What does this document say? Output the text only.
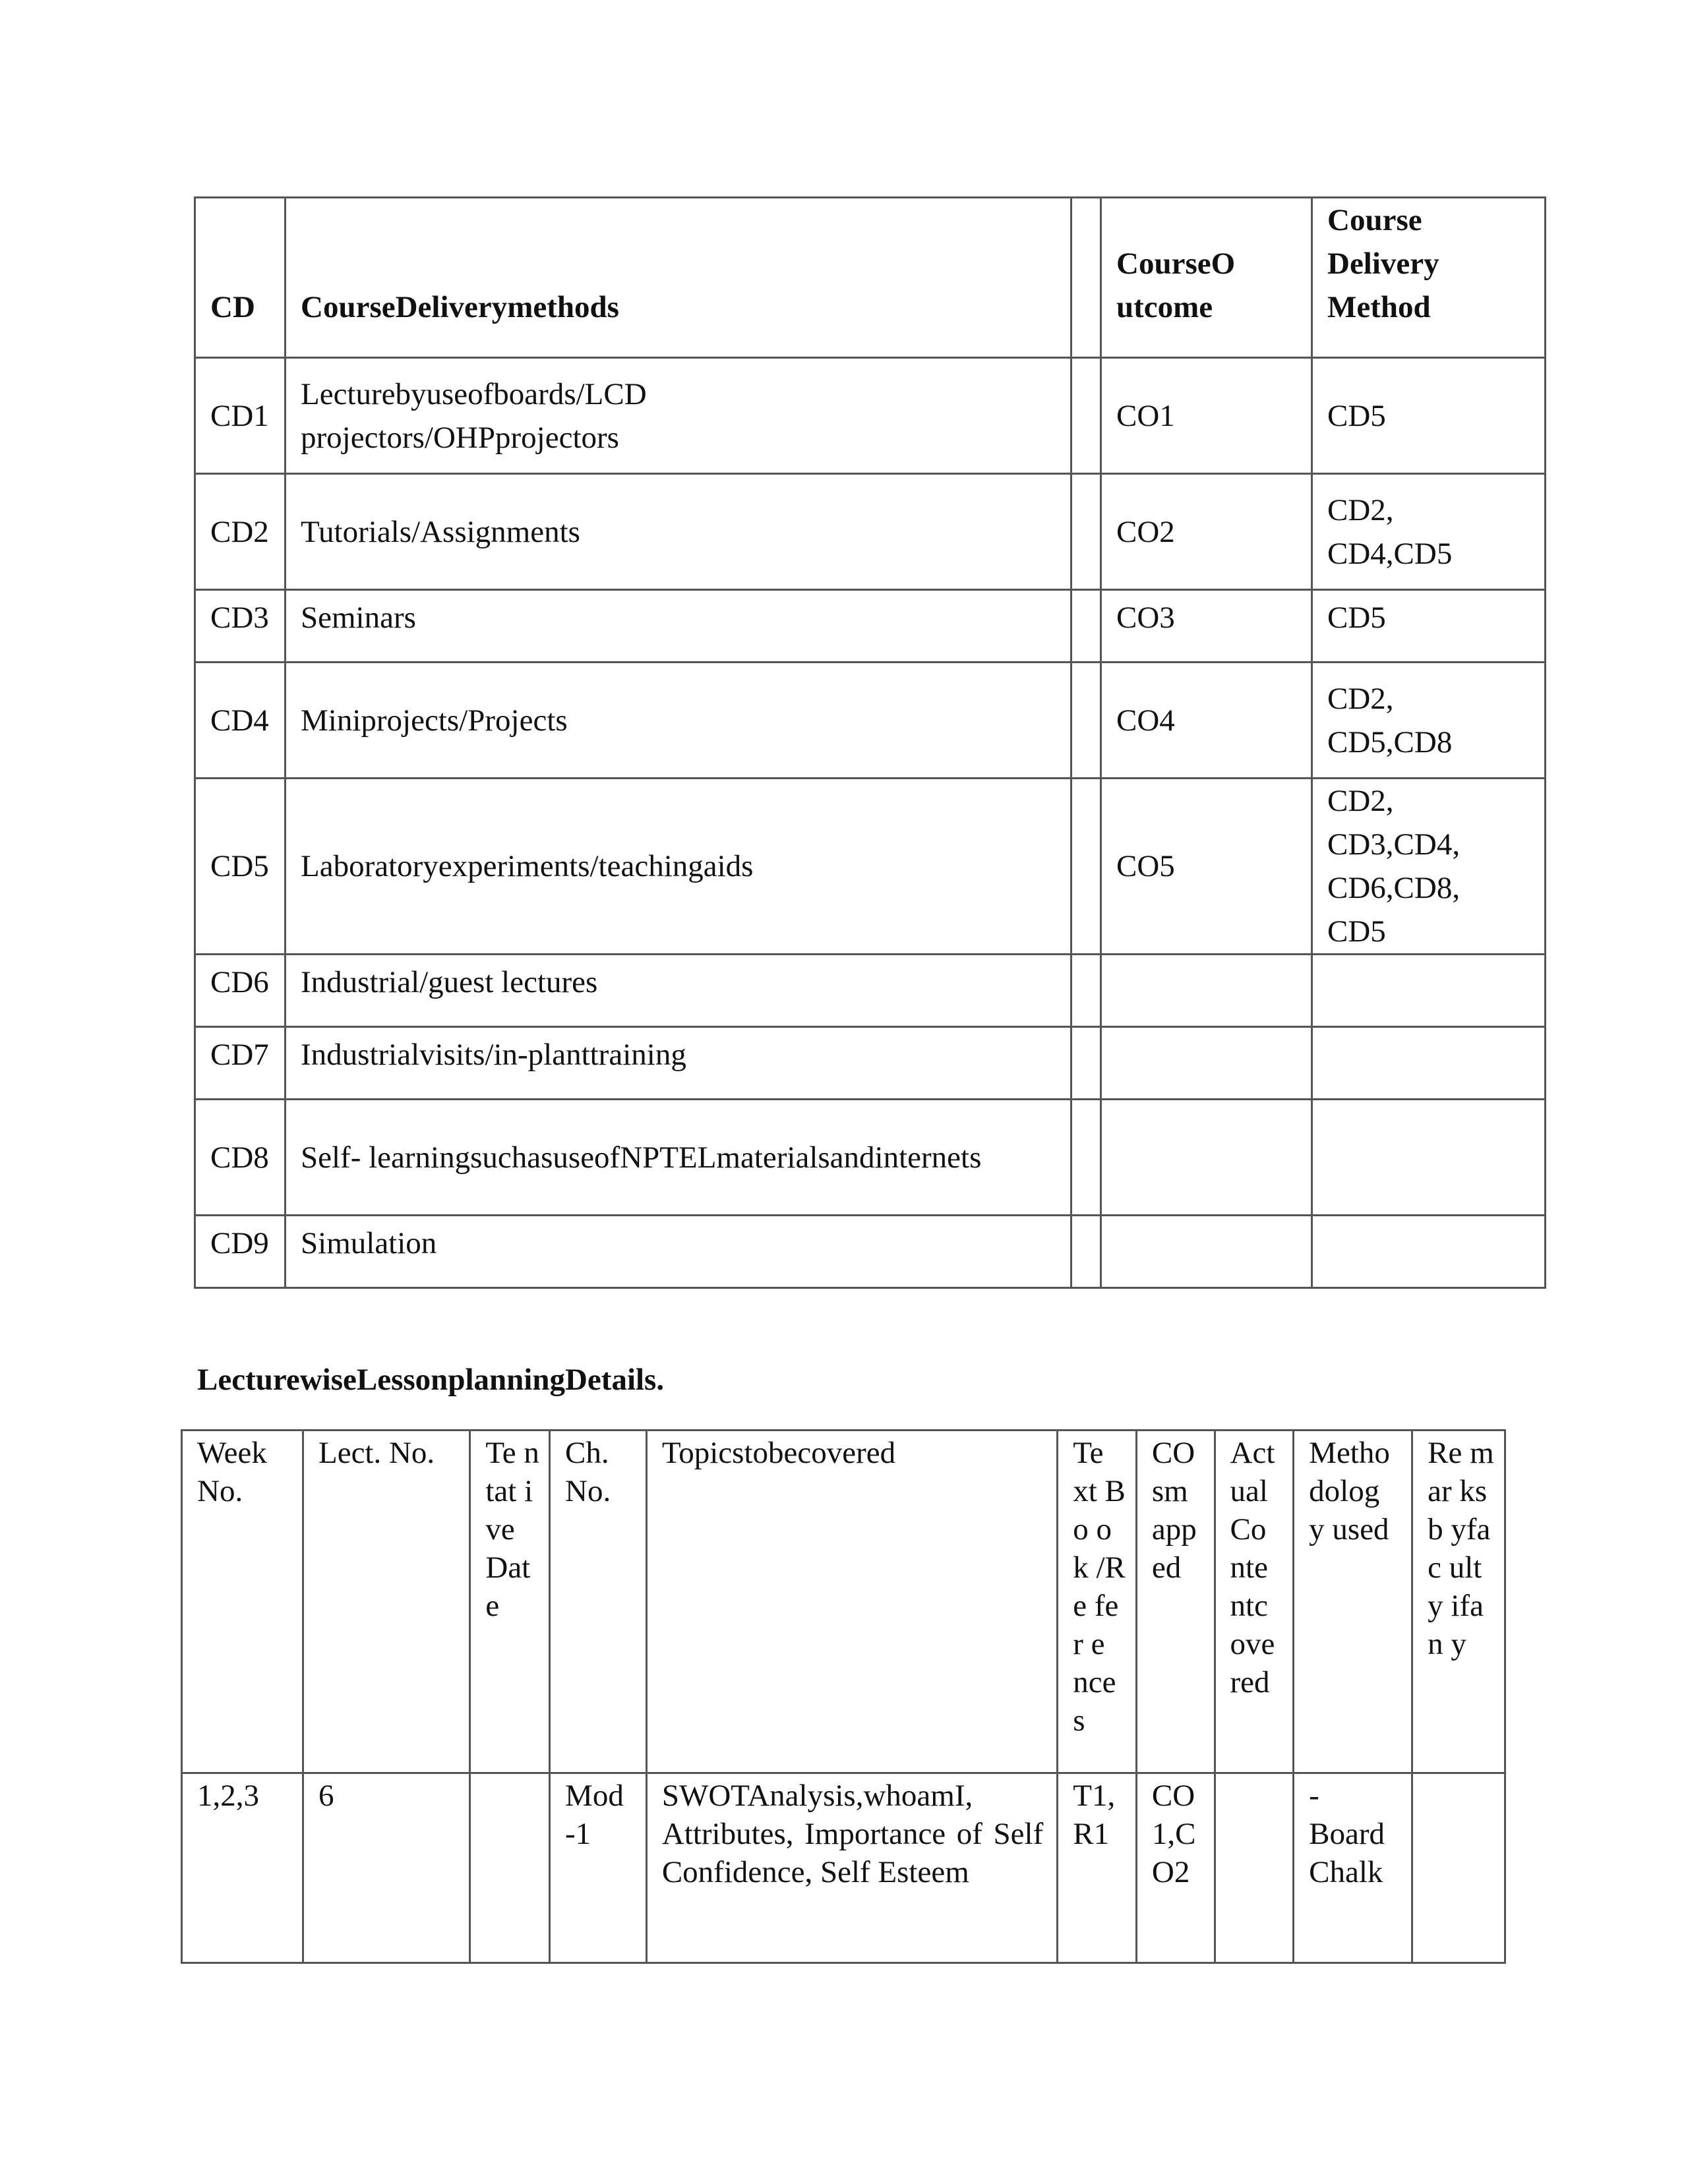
CD	CourseDeliverymethods		CourseO utcome	Course Delivery Method

CD1	Lecturebyuseofboards/LCD projectors/OHPprojectors		CO1	CD5
CD2	Tutorials/Assignments		CO2	CD2, CD4,CD5
CD3	Seminars		CO3	CD5
CD4	Miniprojects/Projects		CO4	CD2, CD5,CD8
CD5	Laboratoryexperiments/teachingaids		CO5	CD2, CD3,CD4, CD6,CD8, CD5
CD6	Industrial/guest lectures			
CD7	Industrialvisits/in-planttraining			
CD8	Self- learningsuchasuseofNPTELmaterialsandinternets			
CD9	Simulation			
LecturewiseLessonplanningDetails.
Week No.	Lect. No.	Te ntat ive Dat e	Ch. No.	Topicstobecovered	Te xt Bo ok /Re fer e nce s	CO sm app ed	Act ual Co nte ntc ove red	Metho dolog y used	Re mar ksb yfac ulty ifan y
1,2,3	6		Mod -1	SWOTAnalysis,whoamI, Attributes, Importance of Self Confidence, Self Esteem	T1, R1	CO 1,C O2		- Board Chalk	
